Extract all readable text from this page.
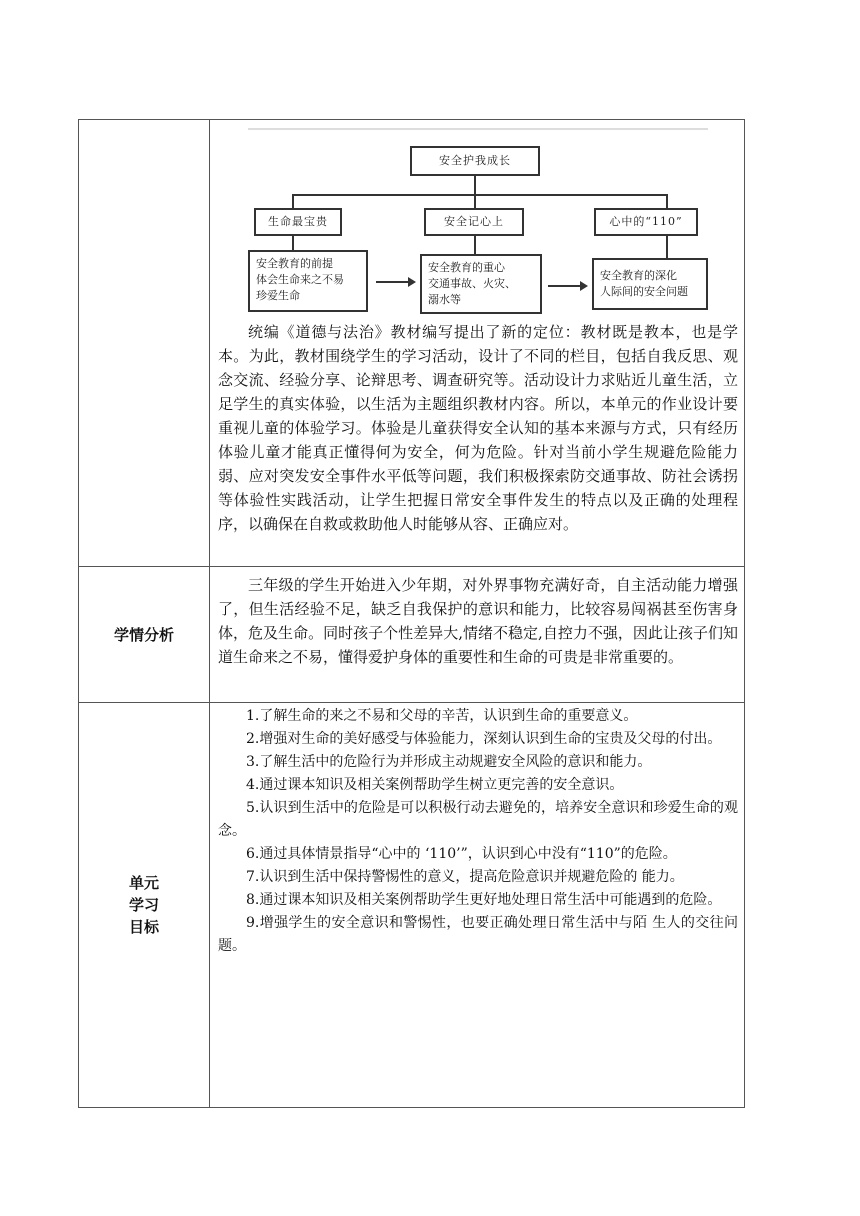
安全护我成长
生命最宝贵	安全记心上	心中的“110”
安全教育的前提
体会生命来之不易
珍爱生命
安全教育的重心
交通事故、火灾、
溺水等
安全教育的深化
人际间的安全问题

统编《道德与法治》教材编写提出了新的定位：教材既是教本，也是学本。为此，教材围绕学生的学习活动，设计了不同的栏目，包括自我反思、观念交流、经验分享、论辩思考、调查研究等。活动设计力求贴近儿童生活，立足学生的真实体验，以生活为主题组织教材内容。所以，本单元的作业设计要重视儿童的体验学习。体验是儿童获得安全认知的基本来源与方式，只有经历体验儿童才能真正懂得何为安全，何为危险。针对当前小学生规避危险能力弱、应对突发安全事件水平低等问题，我们积极探索防交通事故、防社会诱拐等体验性实践活动，让学生把握日常安全事件发生的特点以及正确的处理程序，以确保在自救或救助他人时能够从容、正确应对。

学情分析

三年级的学生开始进入少年期，对外界事物充满好奇，自主活动能力增强了，但生活经验不足，缺乏自我保护的意识和能力，比较容易闯祸甚至伤害身体，危及生命。同时孩子个性差异大,情绪不稳定,自控力不强，因此让孩子们知道生命来之不易，懂得爱护身体的重要性和生命的可贵是非常重要的。

单元
学习
目标
1.了解生命的来之不易和父母的辛苦，认识到生命的重要意义。
2.增强对生命的美好感受与体验能力，深刻认识到生命的宝贵及父母的付出。
3.了解生活中的危险行为并形成主动规避安全风险的意识和能力。
4.通过课本知识及相关案例帮助学生树立更完善的安全意识。
5.认识到生活中的危险是可以积极行动去避免的，培养安全意识和珍爱生命的观念。
6.通过具体情景指导“心中的 ‘110’”，认识到心中没有“110”的危险。
7.认识到生活中保持警惕性的意义，提高危险意识并规避危险的 能力。
8.通过课本知识及相关案例帮助学生更好地处理日常生活中可能遇到的危险。
9.增强学生的安全意识和警惕性，也要正确处理日常生活中与陌 生人的交往问题。
